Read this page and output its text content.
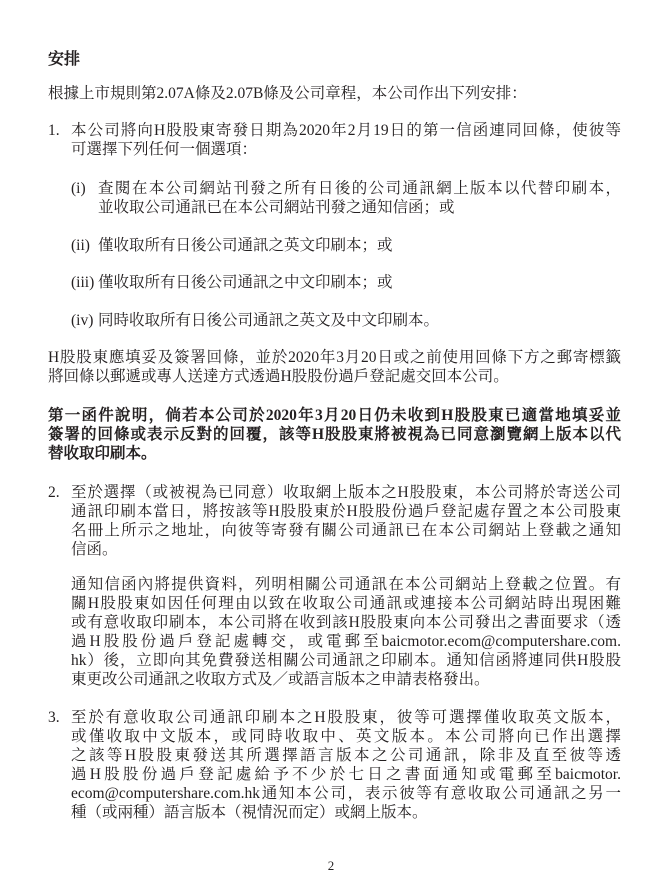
安排
根據上市規則第2.07A條及2.07B條及公司章程，本公司作出下列安排：
1. 本公司將向H股股東寄發日期為2020年2月19日的第一信函連同回條，使彼等
可選擇下列任何一個選項：
(i) 查閱在本公司網站刊發之所有日後的公司通訊網上版本以代替印刷本，
並收取公司通訊已在本公司網站刊發之通知信函；或
(ii) 僅收取所有日後公司通訊之英文印刷本；或
(iii) 僅收取所有日後公司通訊之中文印刷本；或
(iv) 同時收取所有日後公司通訊之英文及中文印刷本。
H股股東應填妥及簽署回條，並於2020年3月20日或之前使用回條下方之郵寄標籤
將回條以郵遞或專人送達方式透過H股股份過戶登記處交回本公司。
第一函件說明，倘若本公司於2020年3月20日仍未收到H股股東已適當地填妥並
簽署的回條或表示反對的回覆，該等H股股東將被視為已同意瀏覽網上版本以代
替收取印刷本。
2. 至於選擇（或被視為已同意）收取網上版本之H股股東，本公司將於寄送公司
通訊印刷本當日，將按該等H股股東於H股股份過戶登記處存置之本公司股東
名冊上所示之地址，向彼等寄發有關公司通訊已在本公司網站上登載之通知
信函。
通知信函內將提供資料，列明相關公司通訊在本公司網站上登載之位置。有
關H股股東如因任何理由以致在收取公司通訊或連接本公司網站時出現困難
或有意收取印刷本，本公司將在收到該H股股東向本公司發出之書面要求（透
過H股股份過戶登記處轉交，或電郵至baicmotor.ecom@computershare.com.
hk）後，立即向其免費發送相關公司通訊之印刷本。通知信函將連同供H股股
東更改公司通訊之收取方式及／或語言版本之申請表格發出。
3. 至於有意收取公司通訊印刷本之H股股東，彼等可選擇僅收取英文版本，
或僅收取中文版本，或同時收取中、英文版本。本公司將向已作出選擇
之該等H股股東發送其所選擇語言版本之公司通訊，除非及直至彼等透
過H股股份過戶登記處給予不少於七日之書面通知或電郵至baicmotor.
ecom@computershare.com.hk通知本公司，表示彼等有意收取公司通訊之另一
種（或兩種）語言版本（視情況而定）或網上版本。
2
